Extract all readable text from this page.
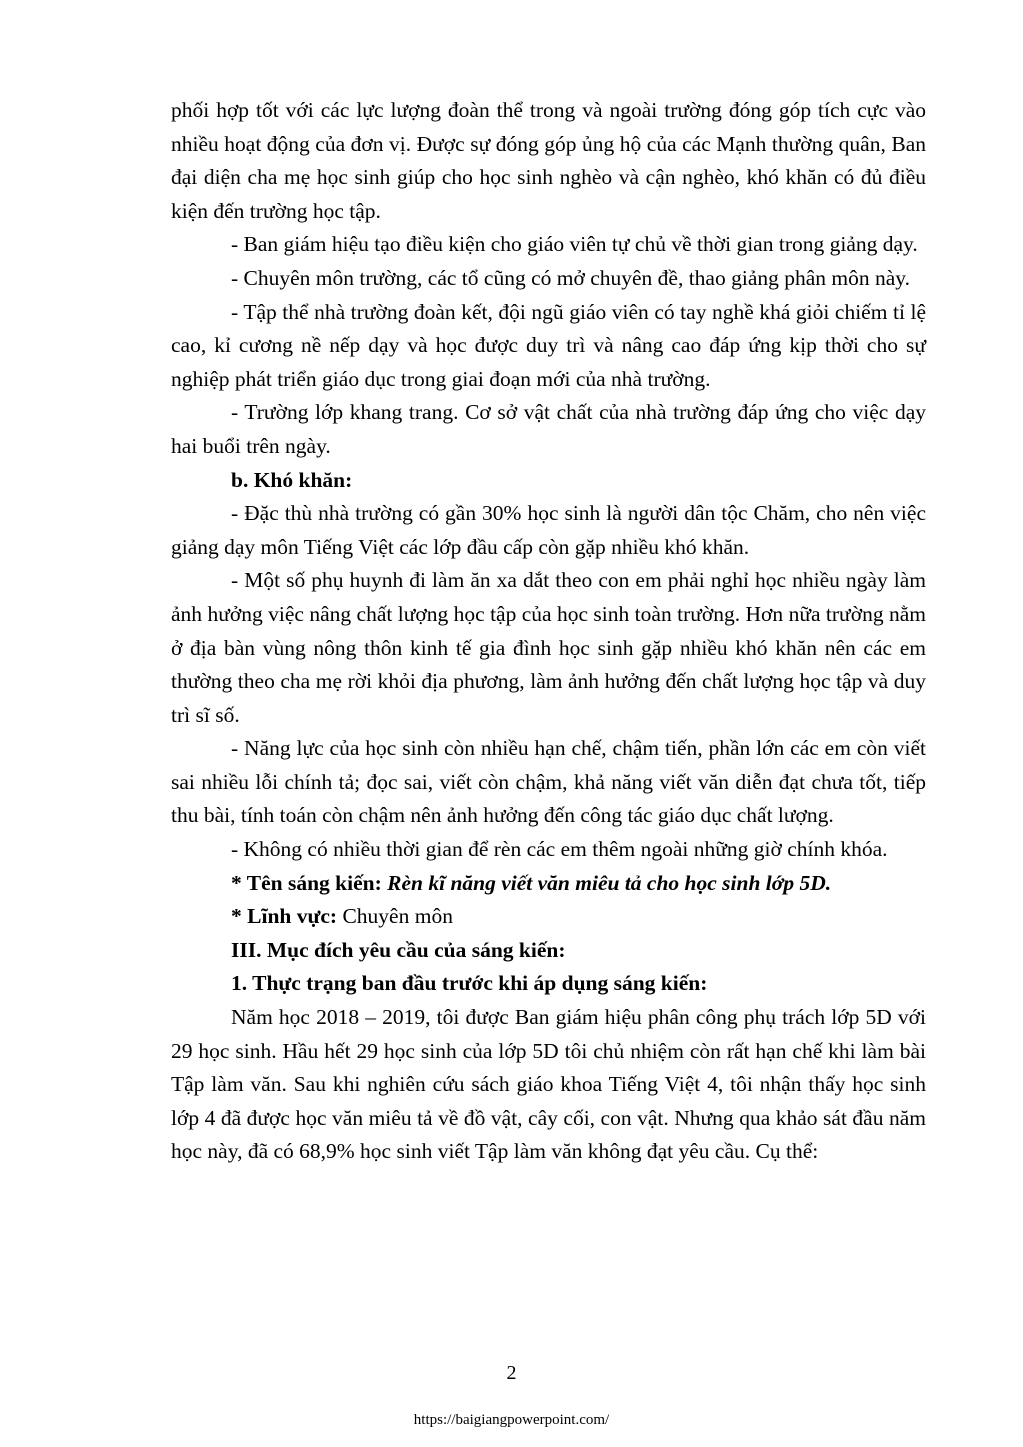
phối hợp tốt với các lực lượng đoàn thể trong và ngoài trường đóng góp tích cực vào nhiều hoạt động của đơn vị. Được sự đóng góp ủng hộ của các Mạnh thường quân, Ban đại diện cha mẹ học sinh giúp cho học sinh nghèo và cận nghèo, khó khăn có đủ điều kiện đến trường học tập.

- Ban giám hiệu tạo điều kiện cho giáo viên tự chủ về thời gian trong giảng dạy.

- Chuyên môn trường, các tổ cũng có mở chuyên đề, thao giảng phân môn này.

- Tập thể nhà trường đoàn kết, đội ngũ giáo viên có tay nghề khá giỏi chiếm tỉ lệ cao, kỉ cương nề nếp dạy và học được duy trì và nâng cao đáp ứng kịp thời cho sự nghiệp phát triển giáo dục trong giai đoạn mới của nhà trường.

- Trường lớp khang trang. Cơ sở vật chất của nhà trường đáp ứng cho việc dạy hai buổi trên ngày.

b. Khó khăn:

- Đặc thù nhà trường có gần 30% học sinh là người dân tộc Chăm, cho nên việc giảng dạy môn Tiếng Việt các lớp đầu cấp còn gặp nhiều khó khăn.

- Một số phụ huynh đi làm ăn xa dắt theo con em phải nghỉ học nhiều ngày làm ảnh hưởng việc nâng chất lượng học tập của học sinh toàn trường. Hơn nữa trường nằm ở địa bàn vùng nông thôn kinh tế gia đình học sinh gặp nhiều khó khăn nên các em thường theo cha mẹ rời khỏi địa phương, làm ảnh hưởng đến chất lượng học tập và duy trì sĩ số.

- Năng lực của học sinh còn nhiều hạn chế, chậm tiến, phần lớn các em còn viết sai nhiều lỗi chính tả; đọc sai, viết còn chậm, khả năng viết văn diễn đạt chưa tốt, tiếp thu bài, tính toán còn chậm nên ảnh hưởng đến công tác giáo dục chất lượng.

- Không có nhiều thời gian để rèn các em thêm ngoài những giờ chính khóa.

* Tên sáng kiến: Rèn kĩ năng viết văn miêu tả cho học sinh lớp 5D.

* Lĩnh vực: Chuyên môn

III. Mục đích yêu cầu của sáng kiến:

1. Thực trạng ban đầu trước khi áp dụng sáng kiến:

Năm học 2018 – 2019, tôi được Ban giám hiệu phân công phụ trách lớp 5D với 29 học sinh. Hầu hết 29 học sinh của lớp 5D tôi chủ nhiệm còn rất hạn chế khi làm bài Tập làm văn. Sau khi nghiên cứu sách giáo khoa Tiếng Việt 4, tôi nhận thấy học sinh lớp 4 đã được học văn miêu tả về đồ vật, cây cối, con vật. Nhưng qua khảo sát đầu năm học này, đã có 68,9% học sinh viết Tập làm văn không đạt yêu cầu. Cụ thể:

2
https://baigiangpowerpoint.com/
